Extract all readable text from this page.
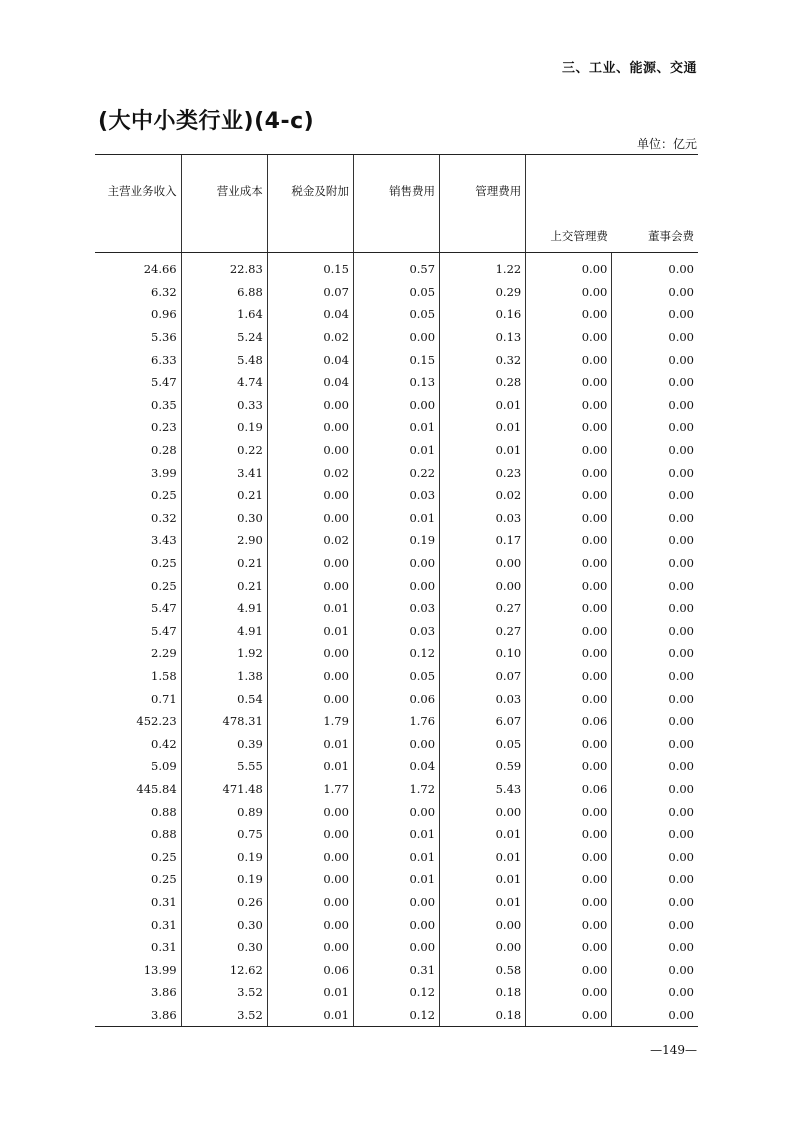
三、工业、能源、交通
(大中小类行业)(4-c)
单位：亿元
主营业务收入	营业成本	税金及附加	销售费用	管理费用	上交管理费	董事会费
24.66	22.83	0.15	0.57	1.22	0.00	0.00
6.32	6.88	0.07	0.05	0.29	0.00	0.00
0.96	1.64	0.04	0.05	0.16	0.00	0.00
5.36	5.24	0.02	0.00	0.13	0.00	0.00
6.33	5.48	0.04	0.15	0.32	0.00	0.00
5.47	4.74	0.04	0.13	0.28	0.00	0.00
0.35	0.33	0.00	0.00	0.01	0.00	0.00
0.23	0.19	0.00	0.01	0.01	0.00	0.00
0.28	0.22	0.00	0.01	0.01	0.00	0.00
3.99	3.41	0.02	0.22	0.23	0.00	0.00
0.25	0.21	0.00	0.03	0.02	0.00	0.00
0.32	0.30	0.00	0.01	0.03	0.00	0.00
3.43	2.90	0.02	0.19	0.17	0.00	0.00
0.25	0.21	0.00	0.00	0.00	0.00	0.00
0.25	0.21	0.00	0.00	0.00	0.00	0.00
5.47	4.91	0.01	0.03	0.27	0.00	0.00
5.47	4.91	0.01	0.03	0.27	0.00	0.00
2.29	1.92	0.00	0.12	0.10	0.00	0.00
1.58	1.38	0.00	0.05	0.07	0.00	0.00
0.71	0.54	0.00	0.06	0.03	0.00	0.00
452.23	478.31	1.79	1.76	6.07	0.06	0.00
0.42	0.39	0.01	0.00	0.05	0.00	0.00
5.09	5.55	0.01	0.04	0.59	0.00	0.00
445.84	471.48	1.77	1.72	5.43	0.06	0.00
0.88	0.89	0.00	0.00	0.00	0.00	0.00
0.88	0.75	0.00	0.01	0.01	0.00	0.00
0.25	0.19	0.00	0.01	0.01	0.00	0.00
0.25	0.19	0.00	0.01	0.01	0.00	0.00
0.31	0.26	0.00	0.00	0.01	0.00	0.00
0.31	0.30	0.00	0.00	0.00	0.00	0.00
0.31	0.30	0.00	0.00	0.00	0.00	0.00
13.99	12.62	0.06	0.31	0.58	0.00	0.00
3.86	3.52	0.01	0.12	0.18	0.00	0.00
3.86	3.52	0.01	0.12	0.18	0.00	0.00
—149—
